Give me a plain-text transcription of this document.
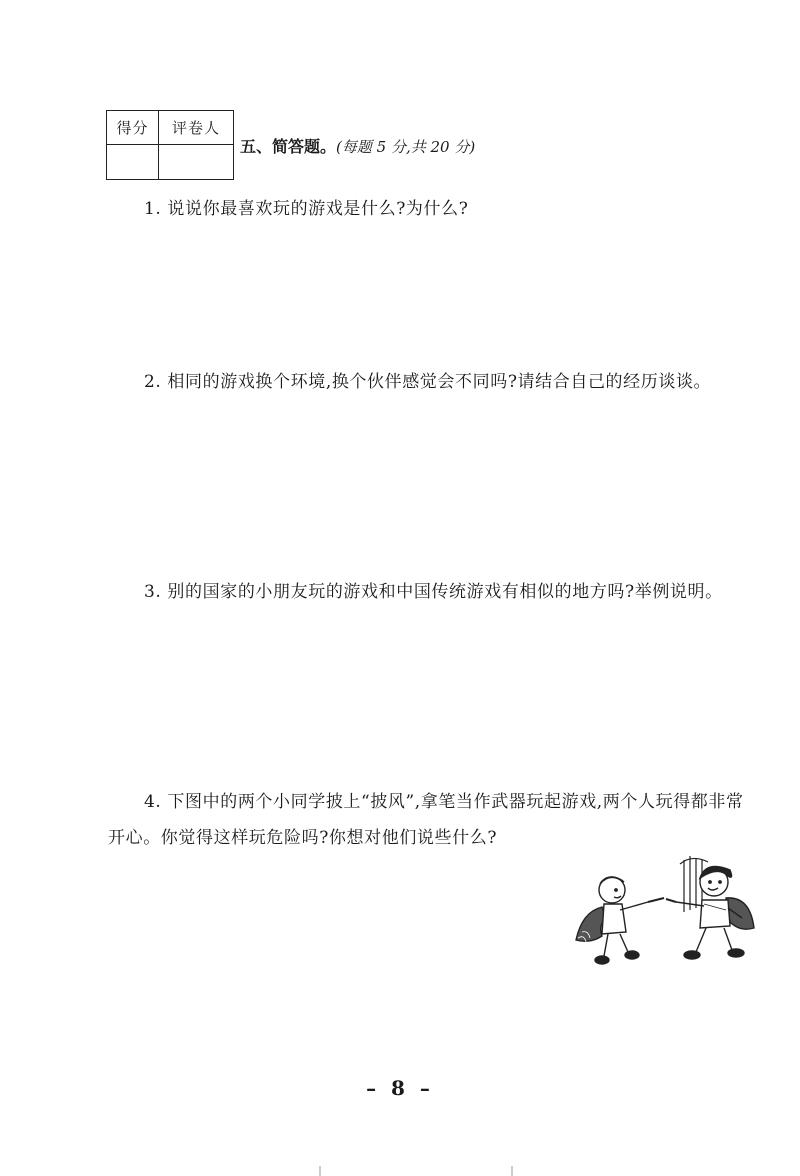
得分	评卷人
五、简答题。(每题 5 分,共 20 分)
1. 说说你最喜欢玩的游戏是什么?为什么?
2. 相同的游戏换个环境,换个伙伴感觉会不同吗?请结合自己的经历谈谈。
3. 别的国家的小朋友玩的游戏和中国传统游戏有相似的地方吗?举例说明。
4. 下图中的两个小同学披上“披风”,拿笔当作武器玩起游戏,两个人玩得都非常开心。你觉得这样玩危险吗?你想对他们说些什么?
– 8 –
